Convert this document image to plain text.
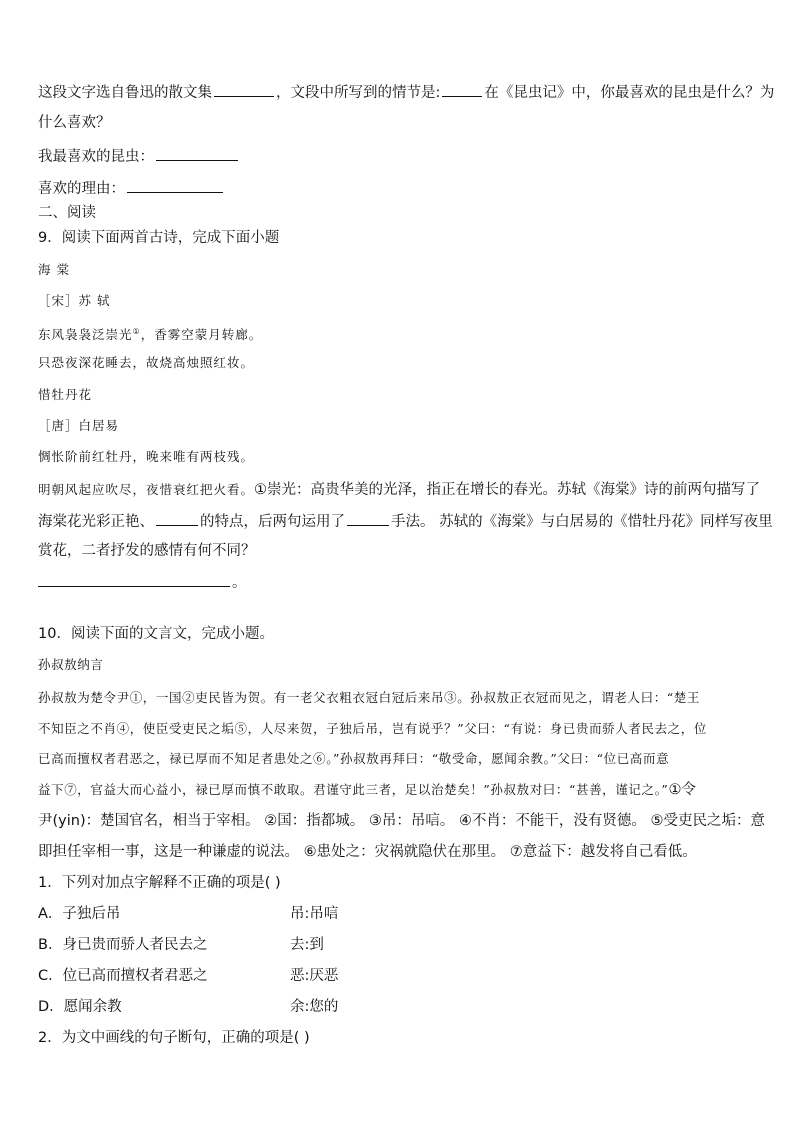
这段文字选自鲁迅的散文集	，文段中所写到的情节是:	在《昆虫记》中，你最喜欢的昆虫是什么？为
什么喜欢？
我最喜欢的昆虫：
喜欢的理由：
二、阅读
9．阅读下面两首古诗，完成下面小题
海 棠
［宋］苏 轼
东风袅袅泛崇光①，香雾空蒙月转廊。
只恐夜深花睡去，故烧高烛照红妆。
惜牡丹花
［唐］白居易
惆怅阶前红牡丹，晚来唯有两枝残。
明朝风起应吹尽，夜惜衰红把火看。①崇光：高贵华美的光泽，指正在增长的春光。苏轼《海棠》诗的前两句描写了
海棠花光彩正艳、	的特点，后两句运用了	手法。 苏轼的《海棠》与白居易的《惜牡丹花》同样写夜里
赏花，二者抒发的感情有何不同？
。
10．阅读下面的文言文，完成小题。
孙叔敖纳言
孙叔敖为楚令尹①，一国②吏民皆为贺。有一老父衣粗衣冠白冠后来吊③。孙叔敖正衣冠而见之，谓老人曰：“楚王
不知臣之不肖④，使臣受吏民之垢⑤，人尽来贺，子独后吊，岂有说乎？”父曰：“有说：身已贵而骄人者民去之，位
已高而擅权者君恶之，禄已厚而不知足者患处之⑥。”孙叔敖再拜曰：“敬受命，愿闻余教。”父曰：“位已高而意
益下⑦，官益大而心益小，禄已厚而慎不敢取。君谨守此三者，足以治楚矣！”孙叔敖对曰：“甚善，谨记之。”①令
尹(yin)：楚国官名，相当于宰相。 ②国：指都城。 ③吊：吊唁。 ④不肖：不能干，没有贤德。 ⑤受吏民之垢：意
即担任宰相一事，这是一种谦虚的说法。 ⑥患处之：灾祸就隐伏在那里。 ⑦意益下：越发将自己看低。
1．下列对加点字解释不正确的项是( )
A．子独后吊	吊:吊唁
B．身已贵而骄人者民去之	去:到
C．位已高而擅权者君恶之	恶:厌恶
D．愿闻余教	余:您的
2．为文中画线的句子断句，正确的项是( )
